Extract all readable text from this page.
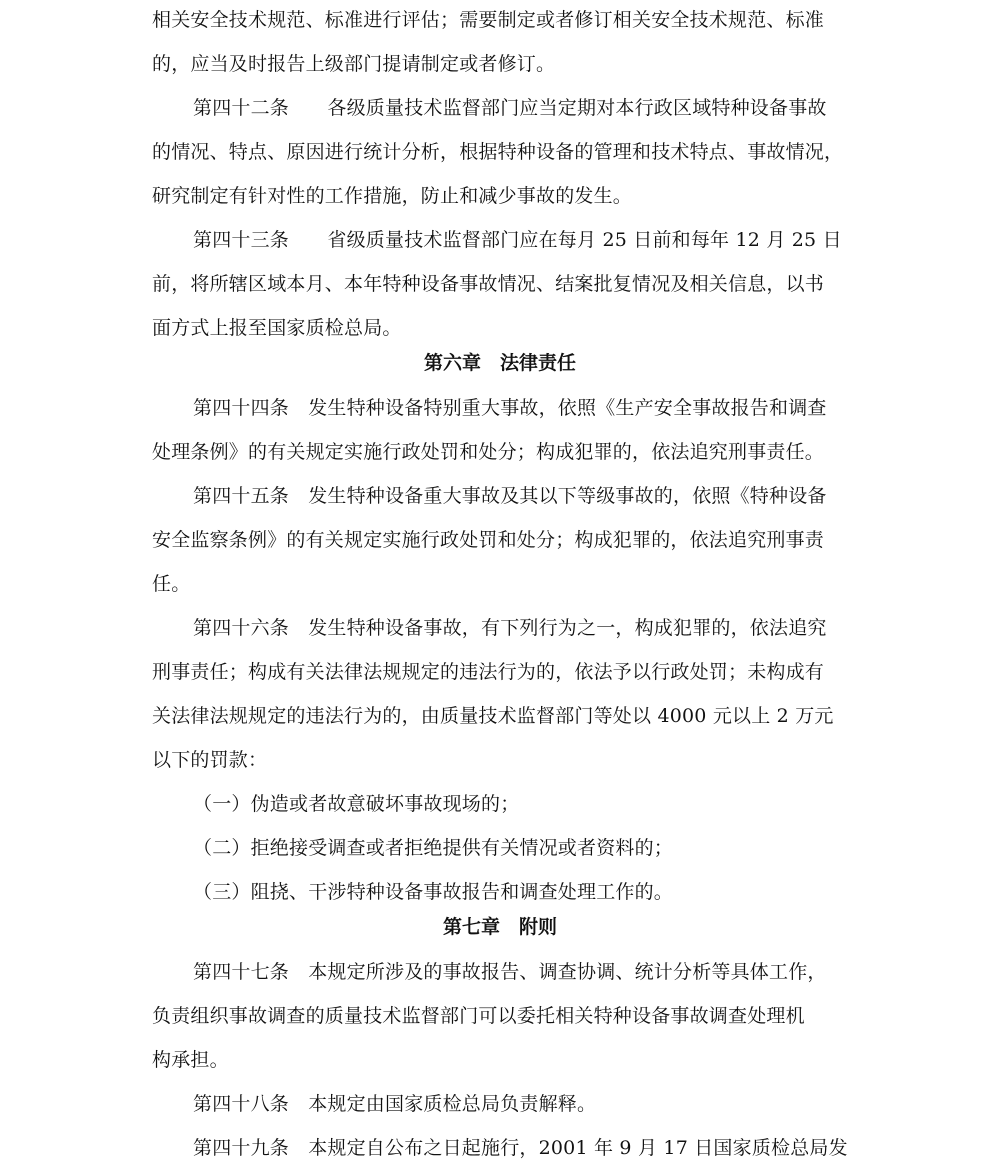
相关安全技术规范、标准进行评估；需要制定或者修订相关安全技术规范、标准
的，应当及时报告上级部门提请制定或者修订。
第四十二条　　各级质量技术监督部门应当定期对本行政区域特种设备事故
的情况、特点、原因进行统计分析，根据特种设备的管理和技术特点、事故情况，
研究制定有针对性的工作措施，防止和减少事故的发生。
第四十三条　　省级质量技术监督部门应在每月 25 日前和每年 12 月 25 日
前，将所辖区域本月、本年特种设备事故情况、结案批复情况及相关信息，以书
面方式上报至国家质检总局。
第六章　法律责任
第四十四条　发生特种设备特别重大事故，依照《生产安全事故报告和调查
处理条例》的有关规定实施行政处罚和处分；构成犯罪的，依法追究刑事责任。
第四十五条　发生特种设备重大事故及其以下等级事故的，依照《特种设备
安全监察条例》的有关规定实施行政处罚和处分；构成犯罪的，依法追究刑事责
任。
第四十六条　发生特种设备事故，有下列行为之一，构成犯罪的，依法追究
刑事责任；构成有关法律法规规定的违法行为的，依法予以行政处罚；未构成有
关法律法规规定的违法行为的，由质量技术监督部门等处以 4000 元以上 2 万元
以下的罚款：
（一）伪造或者故意破坏事故现场的；
（二）拒绝接受调查或者拒绝提供有关情况或者资料的；
（三）阻挠、干涉特种设备事故报告和调查处理工作的。
第七章　附则
第四十七条　本规定所涉及的事故报告、调查协调、统计分析等具体工作，
负责组织事故调查的质量技术监督部门可以委托相关特种设备事故调查处理机
构承担。
第四十八条　本规定由国家质检总局负责解释。
第四十九条　本规定自公布之日起施行，2001 年 9 月 17 日国家质检总局发
